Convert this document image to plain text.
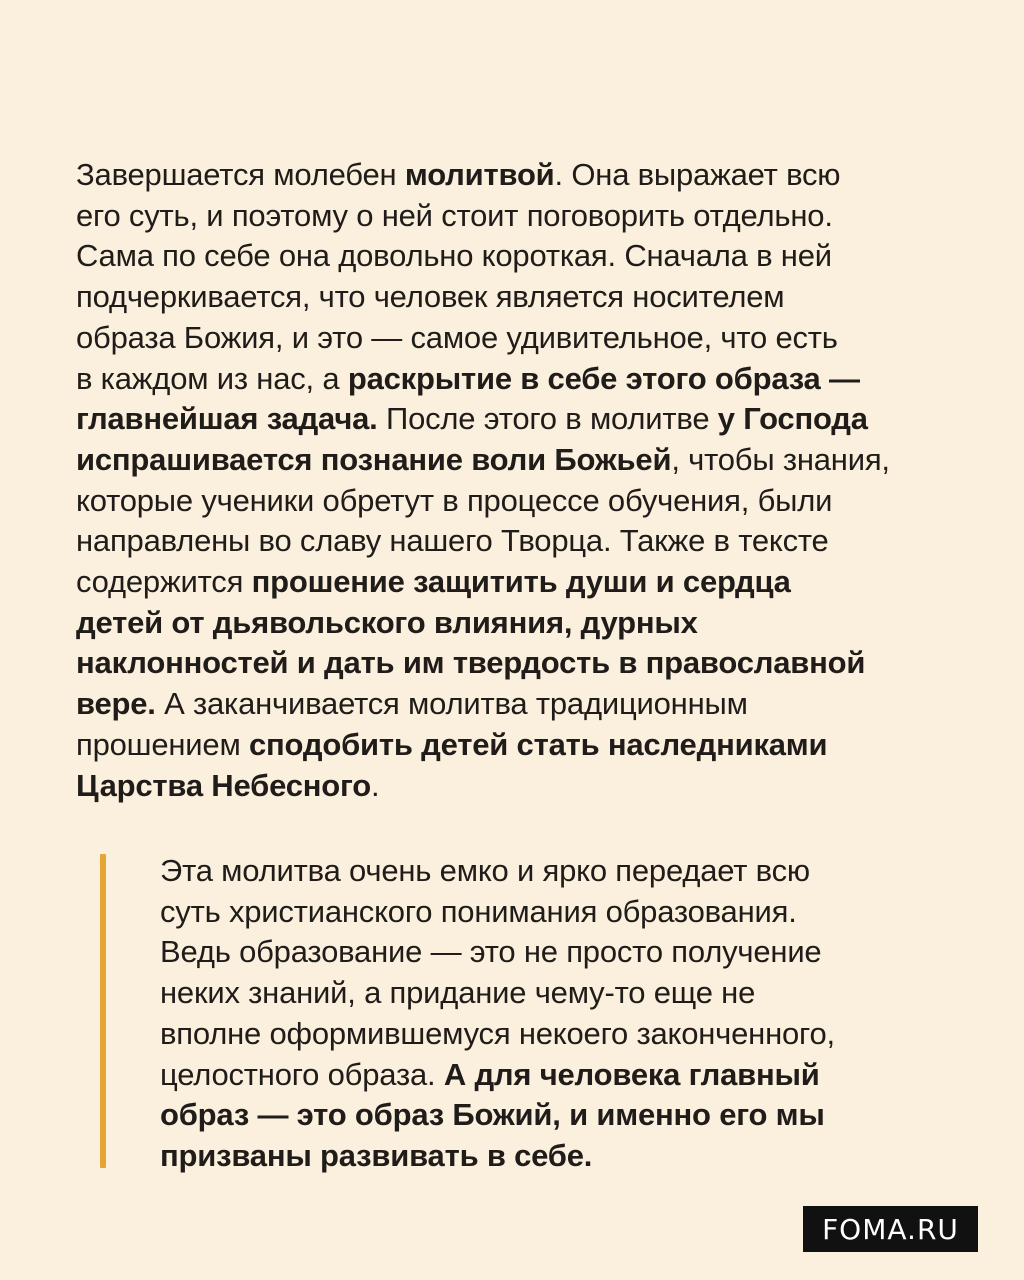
Завершается молебен молитвой. Она выражает всю
его суть, и поэтому о ней стоит поговорить отдельно.
Сама по себе она довольно короткая. Сначала в ней
подчеркивается, что человек является носителем
образа Божия, и это — самое удивительное, что есть
в каждом из нас, а раскрытие в себе этого образа —
главнейшая задача. После этого в молитве у Господа
испрашивается познание воли Божьей, чтобы знания,
которые ученики обретут в процессе обучения, были
направлены во славу нашего Творца. Также в тексте
содержится прошение защитить души и сердца
детей от дьявольского влияния, дурных
наклонностей и дать им твердость в православной
вере. А заканчивается молитва традиционным
прошением сподобить детей стать наследниками
Царства Небесного.

Эта молитва очень емко и ярко передает всю
суть христианского понимания образования.
Ведь образование — это не просто получение
неких знаний, а придание чему-то еще не
вполне оформившемуся некоего законченного,
целостного образа. А для человека главный
образ — это образ Божий, и именно его мы
призваны развивать в себе.

FOMA.RU
